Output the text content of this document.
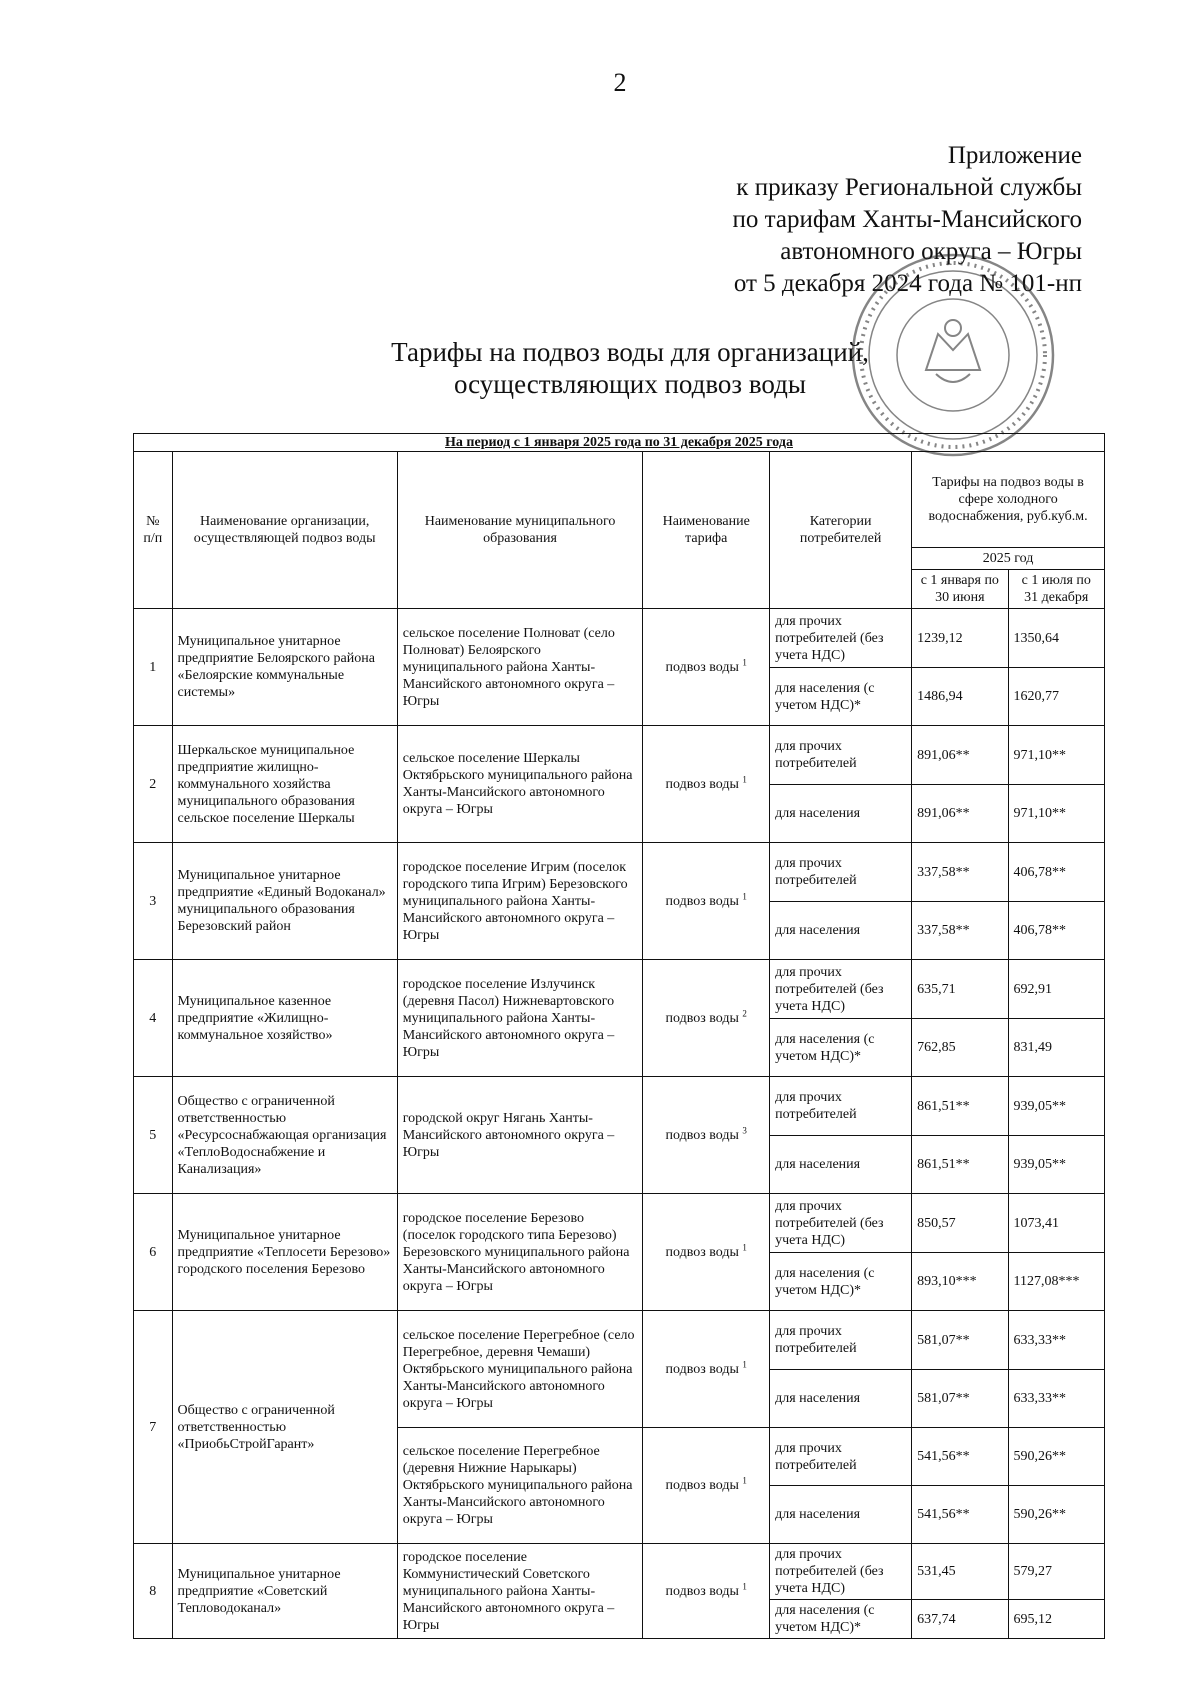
2
Приложение
к приказу Региональной службы
по тарифам Ханты-Мансийского
автономного округа – Югры
от 5 декабря 2024 года № 101-нп
Тарифы на подвоз воды для организаций,
осуществляющих подвоз воды
На период с 1 января 2025 года по 31 декабря 2025 года						
№ п/п	Наименование организации, осуществляющей подвоз воды	Наименование муниципального образования	Наименование тарифа	Категории потребителей	Тарифы на подвоз воды в сфере холодного водоснабжения, руб.куб.м.	
					2025 год	
					с 1 января по 30 июня	с 1 июля по 31 декабря
1	Муниципальное унитарное предприятие Белоярского района «Белоярские коммунальные системы»	сельское поселение Полноват (село Полноват) Белоярского муниципального района Ханты-Мансийского автономного округа – Югры	подвоз воды $^1$	для прочих потребителей (без учета НДС)	1239,12	1350,64
				для населения (с учетом НДС)*	1486,94	1620,77
2	Шеркальское муниципальное предприятие жилищно-коммунального хозяйства муниципального образования сельское поселение Шеркалы	сельское поселение Шеркалы Октябрьского муниципального района Ханты-Мансийского автономного округа – Югры	подвоз воды $^1$	для прочих потребителей	891,06**	971,10**
				для населения	891,06**	971,10**
3	Муниципальное унитарное предприятие «Единый Водоканал» муниципального образования Березовский район	городское поселение Игрим (поселок городского типа Игрим) Березовского муниципального района Ханты-Мансийского автономного округа – Югры	подвоз воды $^1$	для прочих потребителей	337,58**	406,78**
				для населения	337,58**	406,78**
4	Муниципальное казенное предприятие «Жилищно-коммунальное хозяйство»	городское поселение Излучинск (деревня Пасол) Нижневартовского муниципального района Ханты-Мансийского автономного округа – Югры	подвоз воды $^2$	для прочих потребителей (без учета НДС)	635,71	692,91
				для населения (с учетом НДС)*	762,85	831,49
5	Общество с ограниченной ответственностью «Ресурсоснабжающая организация «ТеплоВодоснабжение и Канализация»	городской округ Нягань Ханты-Мансийского автономного округа – Югры	подвоз воды $^3$	для прочих потребителей	861,51**	939,05**
				для населения	861,51**	939,05**
6	Муниципальное унитарное предприятие «Теплосети Березово» городского поселения Березово	городское поселение Березово (поселок городского типа Березово) Березовского муниципального района Ханты-Мансийского автономного округа – Югры	подвоз воды $^1$	для прочих потребителей (без учета НДС)	850,57	1073,41
				для населения (с учетом НДС)*	893,10***	1127,08***
7	Общество с ограниченной ответственностью «ПриобьСтройГарант»	сельское поселение Перегребное (село Перегребное, деревня Чемаши) Октябрьского муниципального района Ханты-Мансийского автономного округа – Югры	подвоз воды $^1$	для прочих потребителей	581,07**	633,33**
				для населения	581,07**	633,33**
		сельское поселение Перегребное (деревня Нижние Нарыкары) Октябрьского муниципального района Ханты-Мансийского автономного округа – Югры	подвоз воды $^1$	для прочих потребителей	541,56**	590,26**
				для населения	541,56**	590,26**
8	Муниципальное унитарное предприятие «Советский Тепловодоканал»	городское поселение Коммунистический Советского муниципального района Ханты-Мансийского автономного округа – Югры	подвоз воды $^1$	для прочих потребителей (без учета НДС)	531,45	579,27
				для населения (с учетом НДС)*	637,74	695,12
